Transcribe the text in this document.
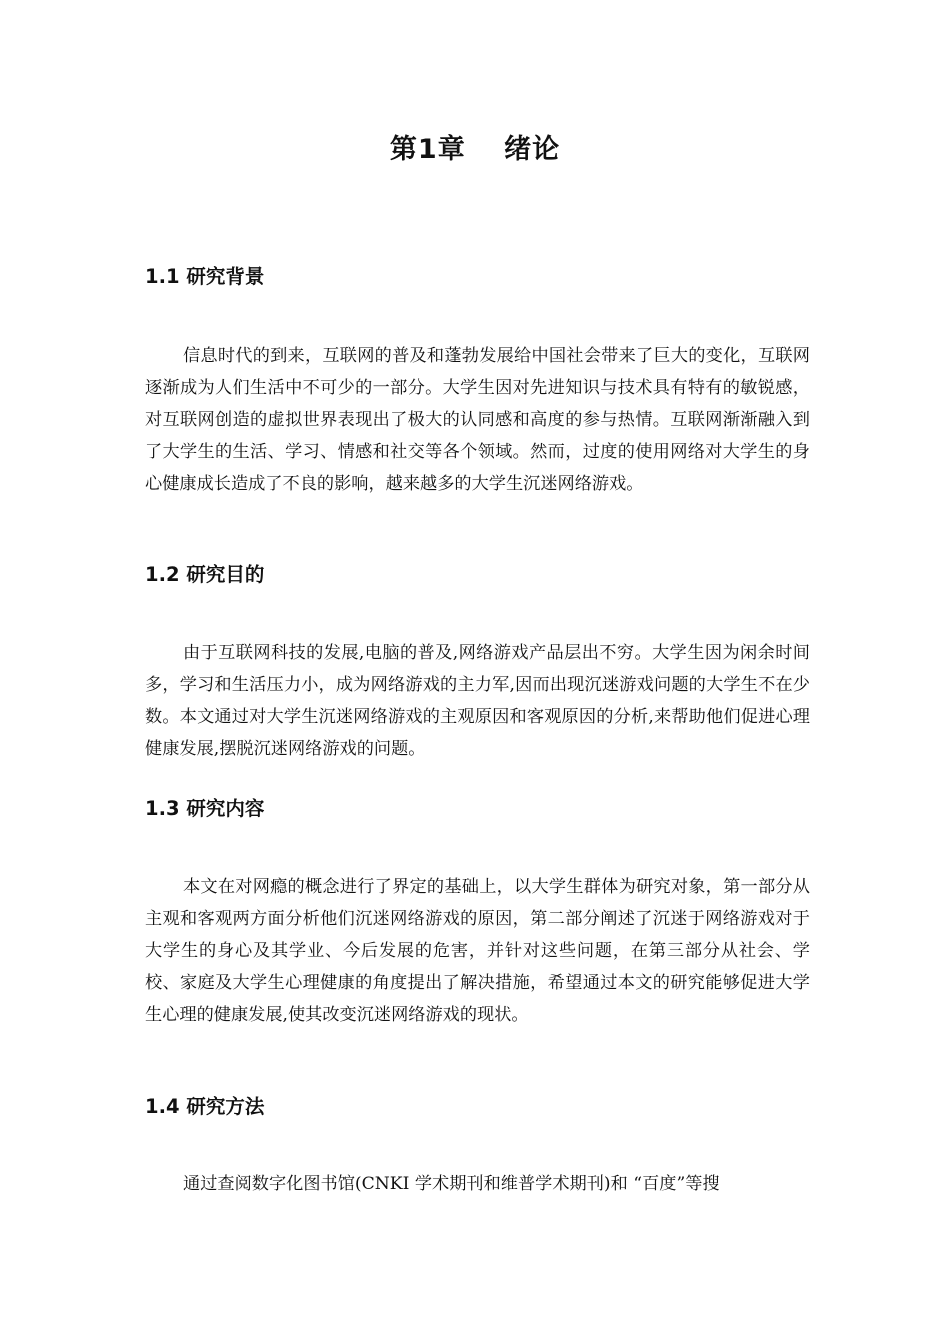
第1章　 绪论
1.1 研究背景

信息时代的到来，互联网的普及和蓬勃发展给中国社会带来了巨大的变化，互联网逐渐成为人们生活中不可少的一部分。大学生因对先进知识与技术具有特有的敏锐感，对互联网创造的虚拟世界表现出了极大的认同感和高度的参与热情。互联网渐渐融入到了大学生的生活、学习、情感和社交等各个领域。然而，过度的使用网络对大学生的身心健康成长造成了不良的影响，越来越多的大学生沉迷网络游戏。

1.2 研究目的

由于互联网科技的发展,电脑的普及,网络游戏产品层出不穷。大学生因为闲余时间多，学习和生活压力小，成为网络游戏的主力军,因而出现沉迷游戏问题的大学生不在少数。本文通过对大学生沉迷网络游戏的主观原因和客观原因的分析,来帮助他们促进心理健康发展,摆脱沉迷网络游戏的问题。

1.3 研究内容

本文在对网瘾的概念进行了界定的基础上，以大学生群体为研究对象，第一部分从主观和客观两方面分析他们沉迷网络游戏的原因，第二部分阐述了沉迷于网络游戏对于大学生的身心及其学业、今后发展的危害，并针对这些问题，在第三部分从社会、学校、家庭及大学生心理健康的角度提出了解决措施，希望通过本文的研究能够促进大学生心理的健康发展,使其改变沉迷网络游戏的现状。

1.4 研究方法

通过查阅数字化图书馆(CNKI 学术期刊和维普学术期刊)和 “百度”等搜
